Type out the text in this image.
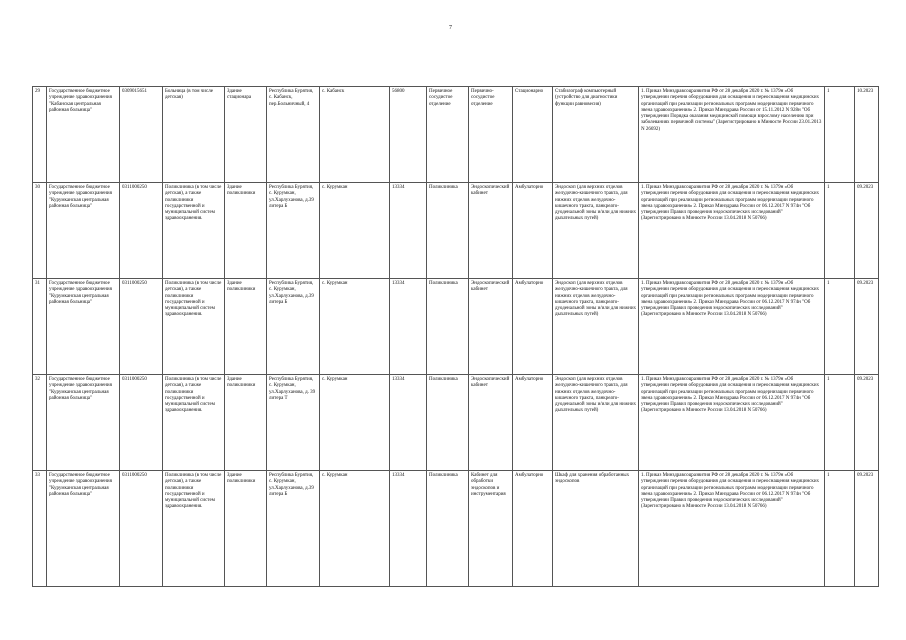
7
29	Государственное бюджетное учреждение здравоохранения "Кабанская центральная районная больница"	0309015651	Больница (в том числе детская)	Здание стационара	Республика Бурятия, с. Кабанск, пер.Больничный, 4	с. Кабанск	56800	Первичное сосудистое отделение	Первично-сосудистое отделение	Стационарно	Стабилограф компьютерный (устройство для диагностики функции равновесия)	1. Приказ Минздравсоцразвития РФ от 28 декабря 2020 г. № 1379н «Об утверждении перечня оборудования для оснащения и переоснащения медицинских организаций при реализации региональных программ модернизации первичного звена здравоохранения» 2. Приказ Минздрава России от 15.11.2012 N 928н "Об утверждении Порядка оказания медицинской помощи взрослому населению при заболеваниях первичной системы" (Зарегистрировано в Минюсте России 23.01.2013 N 26692)	1	10.2023
30	Государственное бюджетное учреждение здравоохранения "Курумканская центральная районная больница"	0311000250	Поликлиника (в том числе детская), а также поликлиники государственной и муниципальной систем здравоохранения.	Здание поликлиники	Республика Бурятия, с. Курумкан, ул.Харлуханова, д.39 литера Б	с. Курумкан	13334	Поликлиника	Эндоскопический кабинет	Амбулаторно	Эндоскоп (для верхних отделов желудочно-кишечного тракта, для нижних отделов желудочно-кишечного тракта, панкреато-дуоденальной зоны и/или для нижних дыхательных путей)	1. Приказ Минздравсоцразвития РФ от 28 декабря 2020 г. № 1379н «Об утверждении перечня оборудования для оснащения и переоснащения медицинских организаций при реализации региональных программ модернизации первичного звена здравоохранения» 2. Приказ Минздрава России от 06.12.2017 N 974н "Об утверждении Правил проведения эндоскопических исследований" (Зарегистрировано в Минюсте России 13.04.2018 N 50766)	1	09.2023
31	Государственное бюджетное учреждение здравоохранения "Курумканская центральная районная больница"	0311000250	Поликлиника (в том числе детская), а также поликлиники государственной и муниципальной систем здравоохранения.	Здание поликлиники	Республика Бурятия, с. Курумкан, ул.Харлуханова, д.39 литера Б	с. Курумкан	13334	Поликлиника	Эндоскопический кабинет	Амбулаторно	Эндоскоп (для верхних отделов желудочно-кишечного тракта, для нижних отделов желудочно-кишечного тракта, панкреато-дуоденальной зоны и/или для нижних дыхательных путей)	1. Приказ Минздравсоцразвития РФ от 28 декабря 2020 г. № 1379н «Об утверждении перечня оборудования для оснащения и переоснащения медицинских организаций при реализации региональных программ модернизации первичного звена здравоохранения» 2. Приказ Минздрава России от 06.12.2017 N 974н "Об утверждении Правил проведения эндоскопических исследований" (Зарегистрировано в Минюсте России 13.04.2018 N 50766)	1	09.2023
32	Государственное бюджетное учреждение здравоохранения "Курумканская центральная районная больница"	0311000250	Поликлиника (в том числе детская), а также поликлиники государственной и муниципальной систем здравоохранения.	Здание поликлиники	Республика Бурятия, с. Курумкан, ул.Харлуханова, д. 39 литера Т	с. Курумкан	13334	Поликлиника	Эндоскопический кабинет	Амбулаторно	Эндоскоп (для верхних отделов желудочно-кишечного тракта, для нижних отделов желудочно-кишечного тракта, панкреато-дуоденальной зоны и/или для нижних дыхательных путей)	1. Приказ Минздравсоцразвития РФ от 28 декабря 2020 г. № 1379н «Об утверждении перечня оборудования для оснащения и переоснащения медицинских организаций при реализации региональных программ модернизации первичного звена здравоохранения» 2. Приказ Минздрава России от 06.12.2017 N 974н "Об утверждении Правил проведения эндоскопических исследований" (Зарегистрировано в Минюсте России 13.04.2018 N 50766)	1	09.2023
33	Государственное бюджетное учреждение здравоохранения "Курумканская центральная районная больница"	0311000250	Поликлиника (в том числе детская), а также поликлиники государственной и муниципальной систем здравоохранения.	Здание поликлиники	Республика Бурятия, с. Курумкан, ул.Харлуханова, д.39 литера Б	с. Курумкан	13334	Поликлиника	Кабинет для обработки эндоскопов и инструментария	Амбулаторно	Шкаф для хранения обработанных эндоскопов	1. Приказ Минздравсоцразвития РФ от 28 декабря 2020 г. № 1379н «Об утверждении перечня оборудования для оснащения и переоснащения медицинских организаций при реализации региональных программ модернизации первичного звена здравоохранения» 2. Приказ Минздрава России от 06.12.2017 N 974н "Об утверждении Правил проведения эндоскопических исследований" (Зарегистрировано в Минюсте России 13.04.2018 N 50766)	1	09.2023
